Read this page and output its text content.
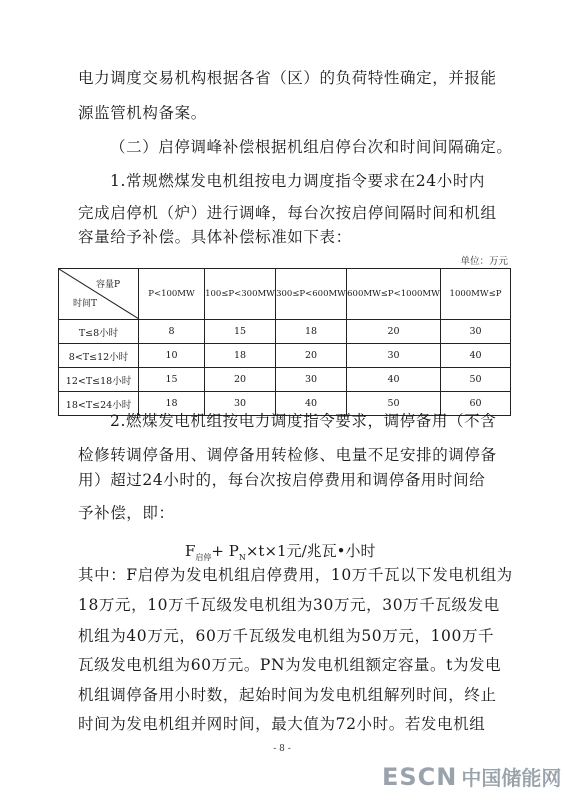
电力调度交易机构根据各省（区）的负荷特性确定，并报能
源监管机构备案。
（二）启停调峰补偿根据机组启停台次和时间间隔确定。
1.常规燃煤发电机组按电力调度指令要求在24小时内
完成启停机（炉）进行调峰，每台次按启停间隔时间和机组
容量给予补偿。具体补偿标准如下表：
单位：万元
容量P
时间T	P<100MW	100≤P<300MW	300≤P<600MW	600MW≤P<1000MW	1000MW≤P
T≤8小时	8	15	18	20	30
8<T≤12小时	10	18	20	30	40
12<T≤18小时	15	20	30	40	50
18<T≤24小时	18	30	40	50	60
2.燃煤发电机组按电力调度指令要求，调停备用（不含
检修转调停备用、调停备用转检修、电量不足安排的调停备
用）超过24小时的，每台次按启停费用和调停备用时间给
予补偿，即：
$F_{启停}+ P_N\times t\times 1$元/兆瓦•小时
其中：F启停为发电机组启停费用，10万千瓦以下发电机组为
18万元，10万千瓦级发电机组为30万元，30万千瓦级发电
机组为40万元，60万千瓦级发电机组为50万元，100万千
瓦级发电机组为60万元。PN为发电机组额定容量。t为发电
机组调停备用小时数，起始时间为发电机组解列时间，终止
时间为发电机组并网时间，最大值为72小时。若发电机组
- 8 -
ESCN 中国储能网
